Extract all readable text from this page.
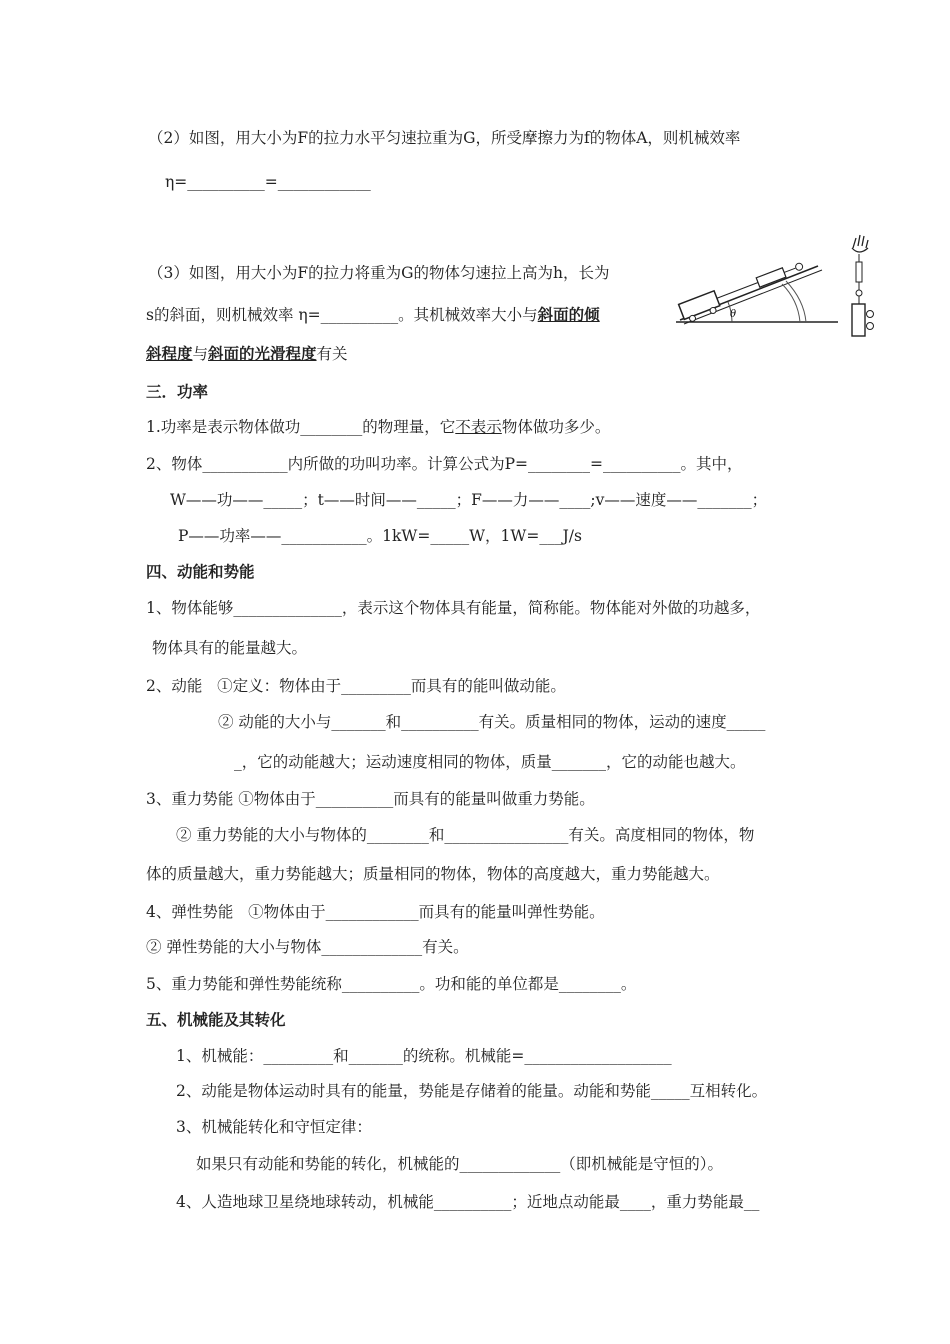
（2）如图，用大小为F的拉力水平匀速拉重为G，所受摩擦力为f的物体A，则机械效率
η=__________=____________
（3）如图，用大小为F的拉力将重为G的物体匀速拉上高为h，长为
s的斜面，则机械效率 η=__________。其机械效率大小与斜面的倾
斜程度与斜面的光滑程度有关
θ
三．功率
1.功率是表示物体做功________的物理量，它不表示物体做功多少。
2、物体___________内所做的功叫功率。计算公式为P=________=__________。其中，
W——功——_____；t——时间——_____；F——力——____;v——速度——_______；
P——功率——___________。1kW=_____W，1W=___J/s
四、动能和势能
1、物体能够______________，表示这个物体具有能量，简称能。物体能对外做的功越多，
物体具有的能量越大。
2、动能   ①定义：物体由于_________而具有的能叫做动能。
② 动能的大小与_______和__________有关。质量相同的物体，运动的速度_____
_，它的动能越大；运动速度相同的物体，质量_______，它的动能也越大。
3、重力势能 ①物体由于__________而具有的能量叫做重力势能。
② 重力势能的大小与物体的________和________________有关。高度相同的物体，物
体的质量越大，重力势能越大；质量相同的物体，物体的高度越大，重力势能越大。
4、弹性势能   ①物体由于____________而具有的能量叫弹性势能。
② 弹性势能的大小与物体_____________有关。
5、重力势能和弹性势能统称__________。功和能的单位都是________。
五、机械能及其转化
1、机械能：_________和_______的统称。机械能=___________________
2、动能是物体运动时具有的能量，势能是存储着的能量。动能和势能_____互相转化。
3、机械能转化和守恒定律：
如果只有动能和势能的转化，机械能的_____________（即机械能是守恒的）。
4、人造地球卫星绕地球转动，机械能__________；近地点动能最____，重力势能最__
